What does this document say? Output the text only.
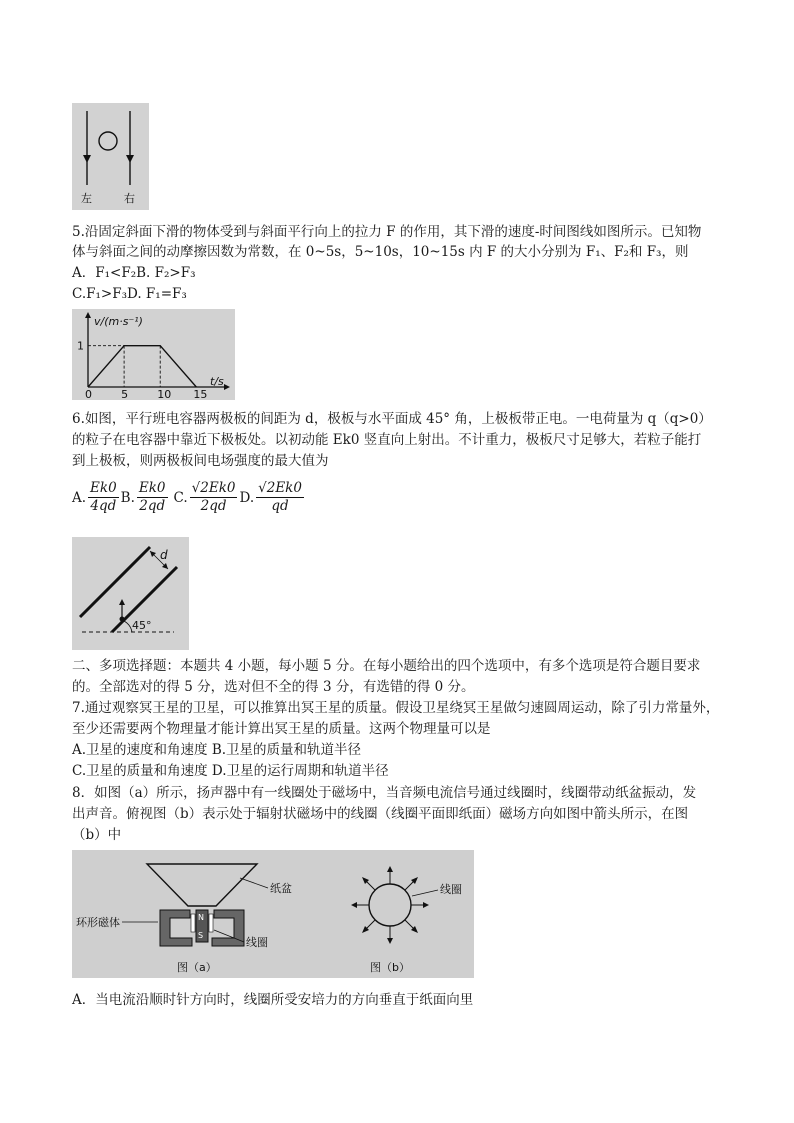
左	右
5.沿固定斜面下滑的物体受到与斜面平行向上的拉力 F 的作用，其下滑的速度-时间图线如图所示。已知物
体与斜面之间的动摩擦因数为常数，在 0~5s，5~10s，10~15s 内 F 的大小分别为 F₁、F₂和 F₃，则
A．F₁<F₂B. F₂>F₃
C.F₁>F₃D. F₁=F₃
v/(m·s⁻¹)
t/s
0	5	10 15
1
6.如图，平行班电容器两极板的间距为 d，极板与水平面成 45° 角，上极板带正电。一电荷量为 q（q>0）
的粒子在电容器中靠近下极板处。以初动能 Ek0 竖直向上射出。不计重力，极板尺寸足够大，若粒子能打
到上极板，则两极板间电场强度的最大值为
A. $\frac{Ek0}{4qd} B$. $\frac{Ek0}{2qd} C$. $\frac{√2Ek0}{2qd} D$. $\frac{√2Ek0}{qd}$
d
45°
二、多项选择题：本题共 4 小题，每小题 5 分。在每小题给出的四个选项中，有多个选项是符合题目要求
的。全部选对的得 5 分，选对但不全的得 3 分，有选错的得 0 分。
7.通过观察冥王星的卫星，可以推算出冥王星的质量。假设卫星绕冥王星做匀速圆周运动，除了引力常量外，
至少还需要两个物理量才能计算出冥王星的质量。这两个物理量可以是
A.卫星的速度和角速度 B.卫星的质量和轨道半径
C.卫星的质量和角速度 D.卫星的运行周期和轨道半径
8．如图（a）所示，扬声器中有一线圈处于磁场中，当音频电流信号通过线圈时，线圈带动纸盆振动，发
出声音。俯视图（b）表示处于辐射状磁场中的线圈（线圈平面即纸面）磁场方向如图中箭头所示，在图
（b）中
纸盆
N
S
环形磁体
线圈
图（a）
线圈
图（b）
A．当电流沿顺时针方向时，线圈所受安培力的方向垂直于纸面向里
